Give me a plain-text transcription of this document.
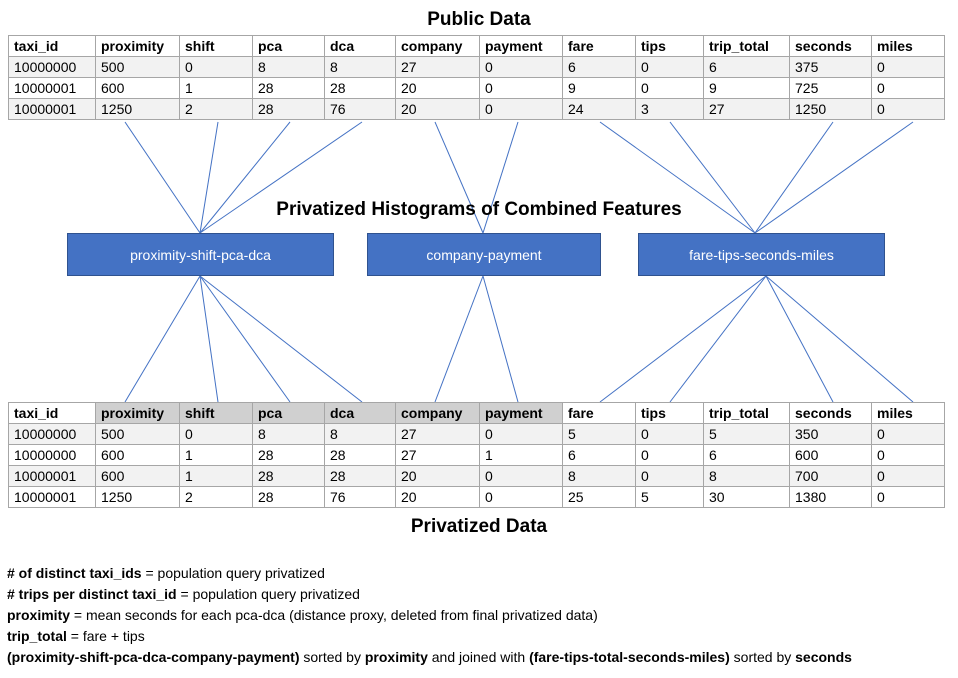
Public Data
taxi_id	proximity	shift	pca	dca	company	payment	fare	tips	trip_total	seconds	miles
10000000	500	0	8	8	27	0	6	0	6	375	0
10000001	600	1	28	28	20	0	9	0	9	725	0
10000001	1250	2	28	76	20	0	24	3	27	1250	0
Privatized Histograms of Combined Features
proximity-shift-pca-dca	company-payment	fare-tips-seconds-miles
taxi_id	proximity	shift	pca	dca	company	payment	fare	tips	trip_total	seconds	miles
10000000	500	0	8	8	27	0	5	0	5	350	0
10000000	600	1	28	28	27	1	6	0	6	600	0
10000001	600	1	28	28	20	0	8	0	8	700	0
10000001	1250	2	28	76	20	0	25	5	30	1380	0
Privatized Data
# of distinct taxi_ids = population query privatized
# trips per distinct taxi_id = population query privatized
proximity = mean seconds for each pca-dca (distance proxy, deleted from final privatized data)
trip_total = fare + tips
(proximity-shift-pca-dca-company-payment) sorted by proximity and joined with (fare-tips-total-seconds-miles) sorted by seconds
